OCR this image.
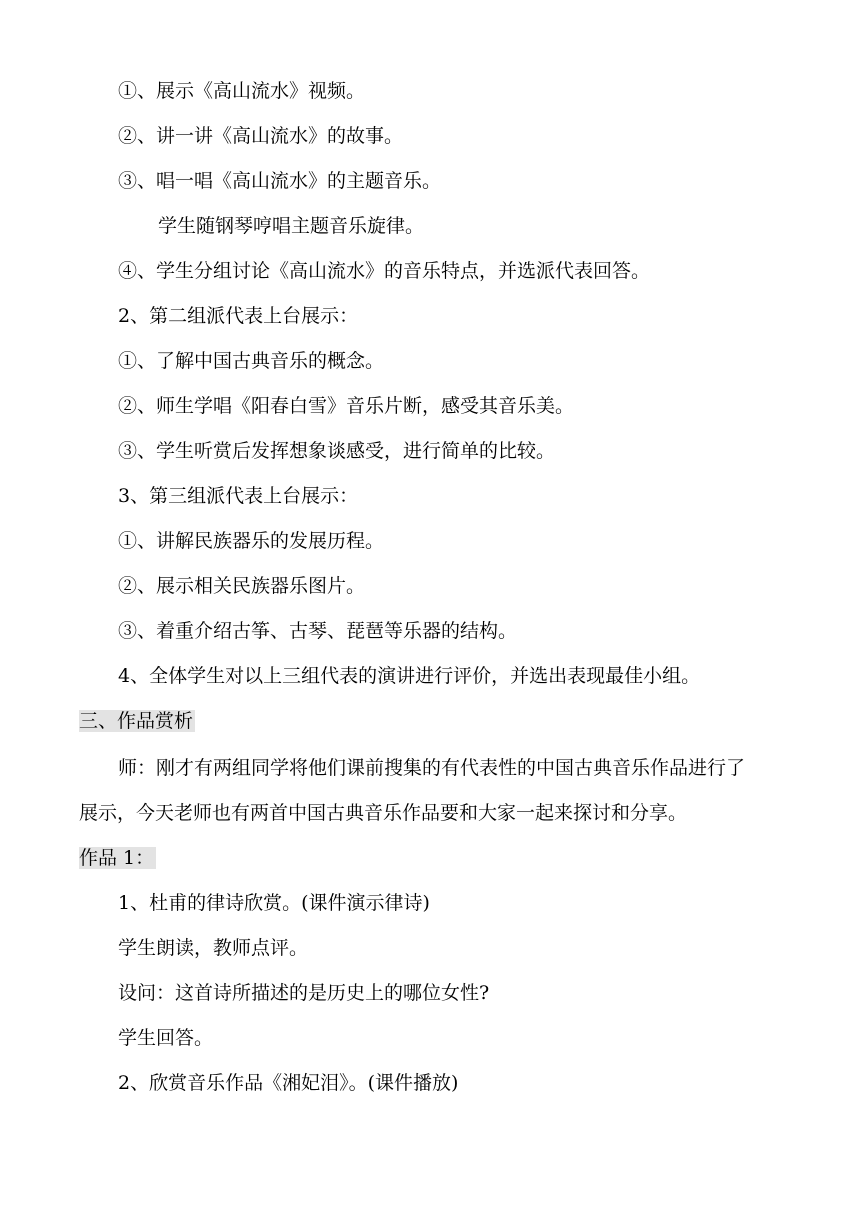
①、展示《高山流水》视频。
②、讲一讲《高山流水》的故事。
③、唱一唱《高山流水》的主题音乐。
学生随钢琴哼唱主题音乐旋律。
④、学生分组讨论《高山流水》的音乐特点，并选派代表回答。
2、第二组派代表上台展示：
①、了解中国古典音乐的概念。
②、师生学唱《阳春白雪》音乐片断，感受其音乐美。
③、学生听赏后发挥想象谈感受，进行简单的比较。
3、第三组派代表上台展示：
①、讲解民族器乐的发展历程。
②、展示相关民族器乐图片。
③、着重介绍古筝、古琴、琵琶等乐器的结构。
4、全体学生对以上三组代表的演讲进行评价，并选出表现最佳小组。
三、作品赏析
师：刚才有两组同学将他们课前搜集的有代表性的中国古典音乐作品进行了
展示，今天老师也有两首中国古典音乐作品要和大家一起来探讨和分享。
作品 1：
1、杜甫的律诗欣赏。(课件演示律诗)
学生朗读，教师点评。
设问：这首诗所描述的是历史上的哪位女性?
学生回答。
2、欣赏音乐作品《湘妃泪》。(课件播放)
